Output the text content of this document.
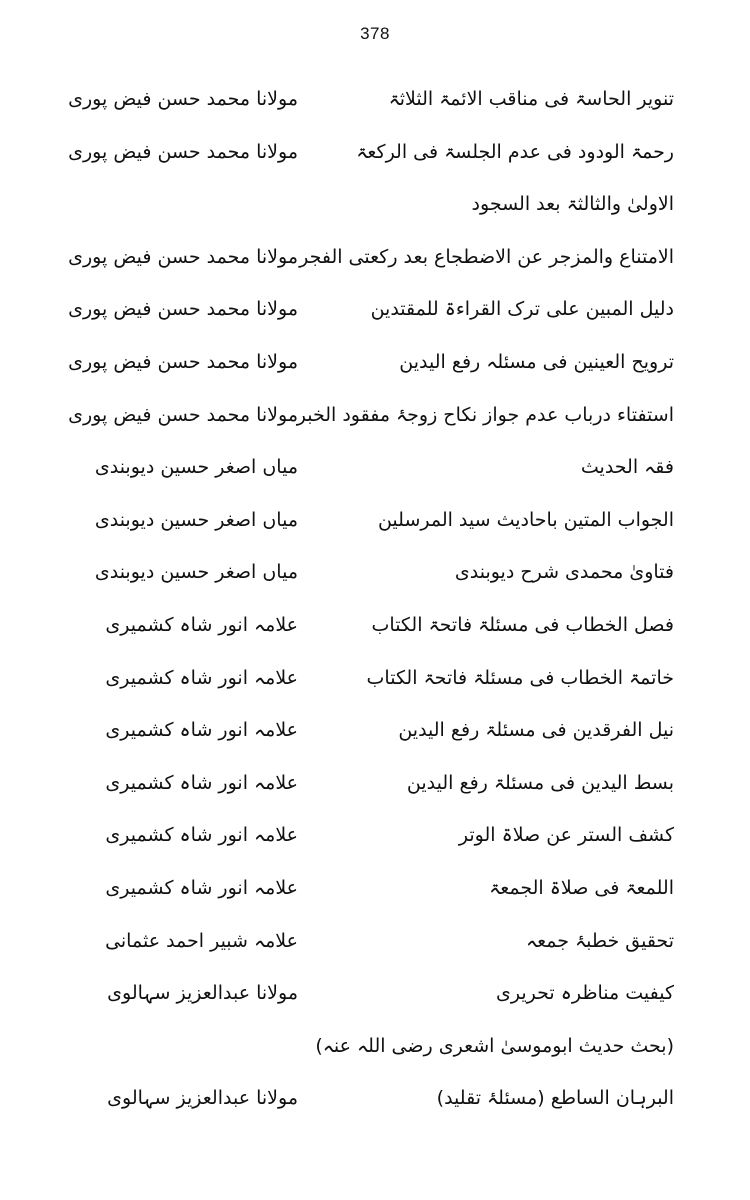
378
تنویر الحاسۃ فی مناقب الائمۃ الثلاثۃ
مولانا محمد حسن فیض پوری
رحمۃ الودود فی عدم الجلسۃ فی الرکعۃ
مولانا محمد حسن فیض پوری
الاولیٰ والثالثۃ بعد السجود
الامتناع والمزجر عن الاضطجاع بعد رکعتی الفجر
مولانا محمد حسن فیض پوری
دلیل المبین علی ترک القراءۃ للمقتدین
مولانا محمد حسن فیض پوری
ترویح العینین فی مسئلہ رفع الیدین
مولانا محمد حسن فیض پوری
استفتاء درباب عدم جواز نکاح زوجۂ مفقود الخبر
مولانا محمد حسن فیض پوری
فقہ الحدیث
میاں اصغر حسین دیوبندی
الجواب المتین باحادیث سید المرسلین
میاں اصغر حسین دیوبندی
فتاویٰ محمدی شرح دیوبندی
میاں اصغر حسین دیوبندی
فصل الخطاب فی مسئلۃ فاتحۃ الکتاب
علامہ انور شاہ کشمیری
خاتمۃ الخطاب فی مسئلۃ فاتحۃ الکتاب
علامہ انور شاہ کشمیری
نیل الفرقدین فی مسئلۃ رفع الیدین
علامہ انور شاہ کشمیری
بسط الیدین فی مسئلۃ رفع الیدین
علامہ انور شاہ کشمیری
کشف الستر عن صلاۃ الوتر
علامہ انور شاہ کشمیری
اللمعۃ فی صلاۃ الجمعۃ
علامہ انور شاہ کشمیری
تحقیق خطبۂ جمعہ
علامہ شبیر احمد عثمانی
کیفیت مناظرہ تحریری
مولانا عبدالعزیز سہالوی
(بحث حدیث ابوموسیٰ اشعری رضی اللہ عنہ)
البرہان الساطع (مسئلۂ تقلید)
مولانا عبدالعزیز سہالوی
